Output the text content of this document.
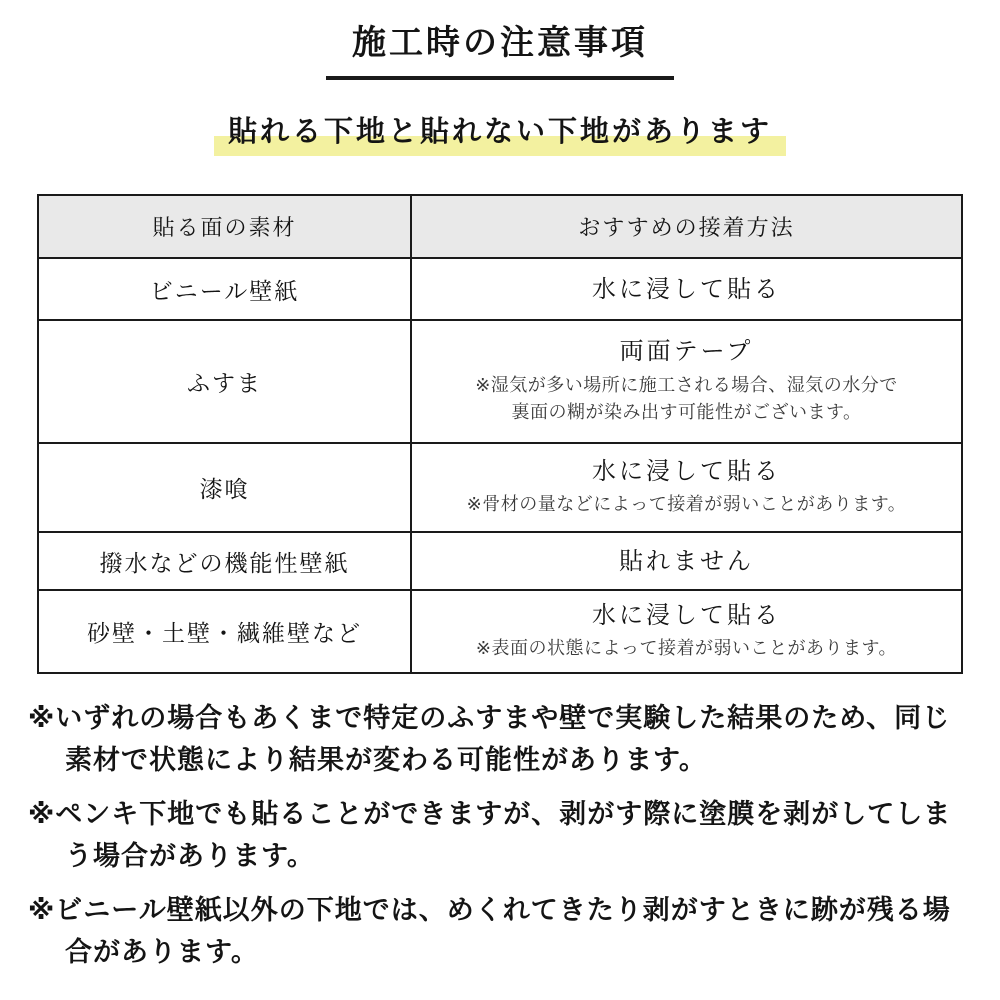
施工時の注意事項
貼れる下地と貼れない下地があります
貼る面の素材	おすすめの接着方法
ビニール壁紙	水に浸して貼る

ふすま	両面テープ
※湿気が多い場所に施工される場合、湿気の水分で裏面の糊が染み出す可能性がございます。

漆喰	水に浸して貼る
※骨材の量などによって接着が弱いことがあります。

撥水などの機能性壁紙	貼れません

砂壁・土壁・繊維壁など	水に浸して貼る
※表面の状態によって接着が弱いことがあります。

※いずれの場合もあくまで特定のふすまや壁で実験した結果のため、同じ素材で状態により結果が変わる可能性があります。

※ペンキ下地でも貼ることができますが、剥がす際に塗膜を剥がしてしまう場合があります。

※ビニール壁紙以外の下地では、めくれてきたり剥がすときに跡が残る場合があります。
